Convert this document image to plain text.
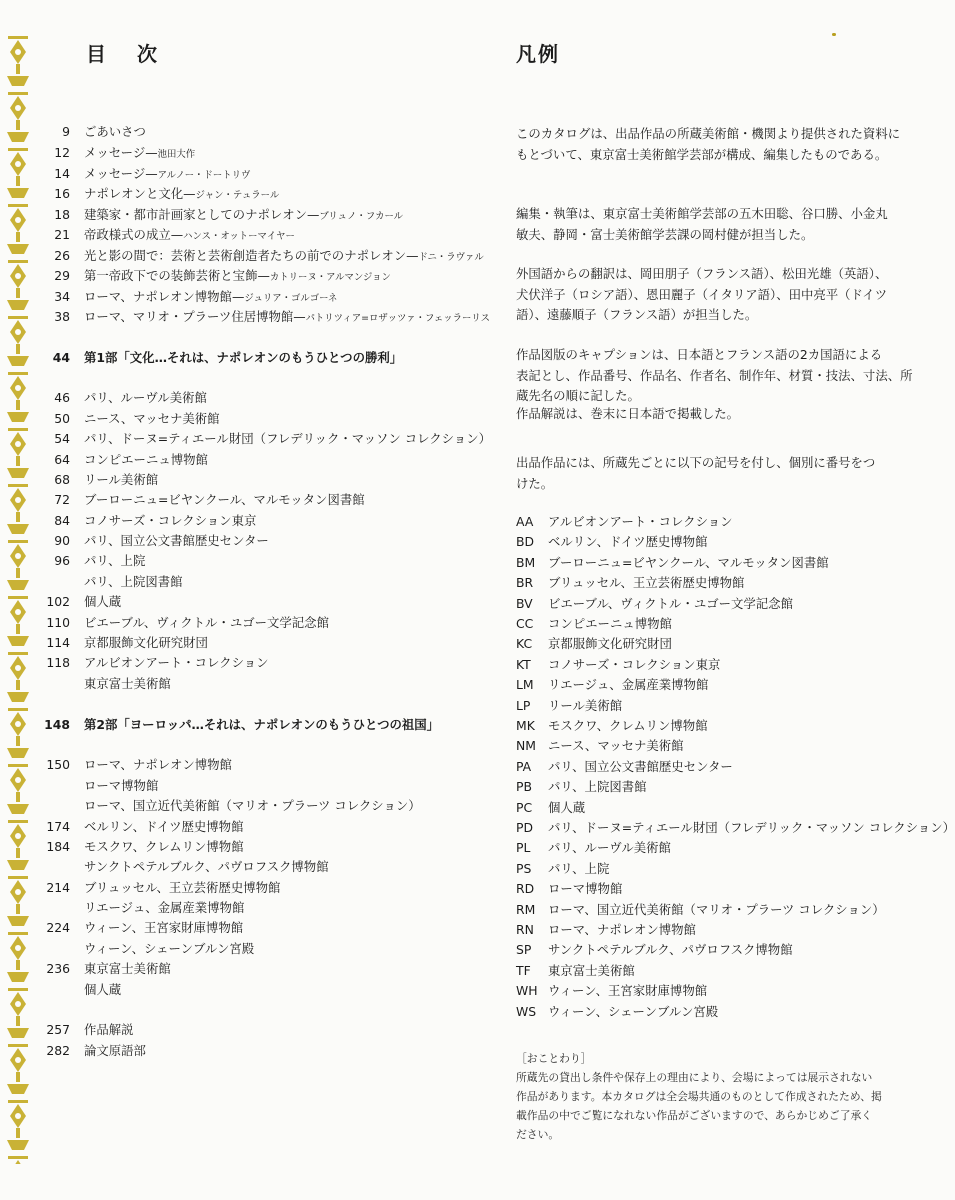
目 次	凡例
9 ごあいさつ
12 メッセージ—池田大作
14 メッセージ—アルノー・ドートリヴ
16 ナポレオンと文化—ジャン・テュラール
18 建築家・都市計画家としてのナポレオン—ブリュノ・フカール
21 帝政様式の成立—ハンス・オットーマイヤー
26 光と影の間で：芸術と芸術創造者たちの前でのナポレオン—ドニ・ラヴァル
29 第一帝政下での装飾芸術と宝飾—カトリーヌ・アルマンジョン
34 ローマ、ナポレオン博物館—ジュリア・ゴルゴーネ
38 ローマ、マリオ・プラーツ住居博物館—パトリツィア=ロザッツァ・フェッラーリス
44 第1部「文化…それは、ナポレオンのもうひとつの勝利」
46 パリ、ルーヴル美術館
50 ニース、マッセナ美術館
54 パリ、ドーヌ=ティエール財団（フレデリック・マッソン コレクション）
64 コンピエーニュ博物館
68 リール美術館
72 ブーローニュ=ビヤンクール、マルモッタン図書館
84 コノサーズ・コレクション東京
90 パリ、国立公文書館歴史センター
96 パリ、上院
パリ、上院図書館
102 個人蔵
110 ビエーブル、ヴィクトル・ユゴー文学記念館
114 京都服飾文化研究財団
118 アルビオンアート・コレクション
東京富士美術館
148 第2部「ヨーロッパ…それは、ナポレオンのもうひとつの祖国」
150 ローマ、ナポレオン博物館
ローマ博物館
ローマ、国立近代美術館（マリオ・プラーツ コレクション）
174 ベルリン、ドイツ歴史博物館
184 モスクワ、クレムリン博物館
サンクトペテルブルク、パヴロフスク博物館
214 ブリュッセル、王立芸術歴史博物館
リエージュ、金属産業博物館
224 ウィーン、王宮家財庫博物館
ウィーン、シェーンブルン宮殿
236 東京富士美術館
個人蔵
257 作品解説
282 論文原語部
このカタログは、出品作品の所蔵美術館・機関より提供された資料に
もとづいて、東京富士美術館学芸部が構成、編集したものである。
編集・執筆は、東京富士美術館学芸部の五木田聡、谷口勝、小金丸
敏夫、静岡・富士美術館学芸課の岡村健が担当した。
外国語からの翻訳は、岡田朋子（フランス語）、松田光雄（英語）、
犬伏洋子（ロシア語）、恩田麗子（イタリア語）、田中亮平（ドイツ
語）、遠藤順子（フランス語）が担当した。
作品図版のキャプションは、日本語とフランス語の2カ国語による
表記とし、作品番号、作品名、作者名、制作年、材質・技法、寸法、所
蔵先名の順に記した。
作品解説は、巻末に日本語で掲載した。
出品作品には、所蔵先ごとに以下の記号を付し、個別に番号をつ
けた。
AA アルビオンアート・コレクション
BD ベルリン、ドイツ歴史博物館
BM ブーローニュ=ビヤンクール、マルモッタン図書館
BR ブリュッセル、王立芸術歴史博物館
BV ビエーブル、ヴィクトル・ユゴー文学記念館
CC コンピエーニュ博物館
KC 京都服飾文化研究財団
KT コノサーズ・コレクション東京
LM リエージュ、金属産業博物館
LP リール美術館
MK モスクワ、クレムリン博物館
NM ニース、マッセナ美術館
PA パリ、国立公文書館歴史センター
PB パリ、上院図書館
PC 個人蔵
PD パリ、ドーヌ=ティエール財団（フレデリック・マッソン コレクション）
PL パリ、ルーヴル美術館
PS パリ、上院
RD ローマ博物館
RM ローマ、国立近代美術館（マリオ・プラーツ コレクション）
RN ローマ、ナポレオン博物館
SP サンクトペテルブルク、パヴロフスク博物館
TF 東京富士美術館
WH ウィーン、王宮家財庫博物館
WS ウィーン、シェーンブルン宮殿
［おことわり］
所蔵先の貸出し条件や保存上の理由により、会場によっては展示されない
作品があります。本カタログは全会場共通のものとして作成されたため、掲
載作品の中でご覧になれない作品がございますので、あらかじめご了承く
ださい。
